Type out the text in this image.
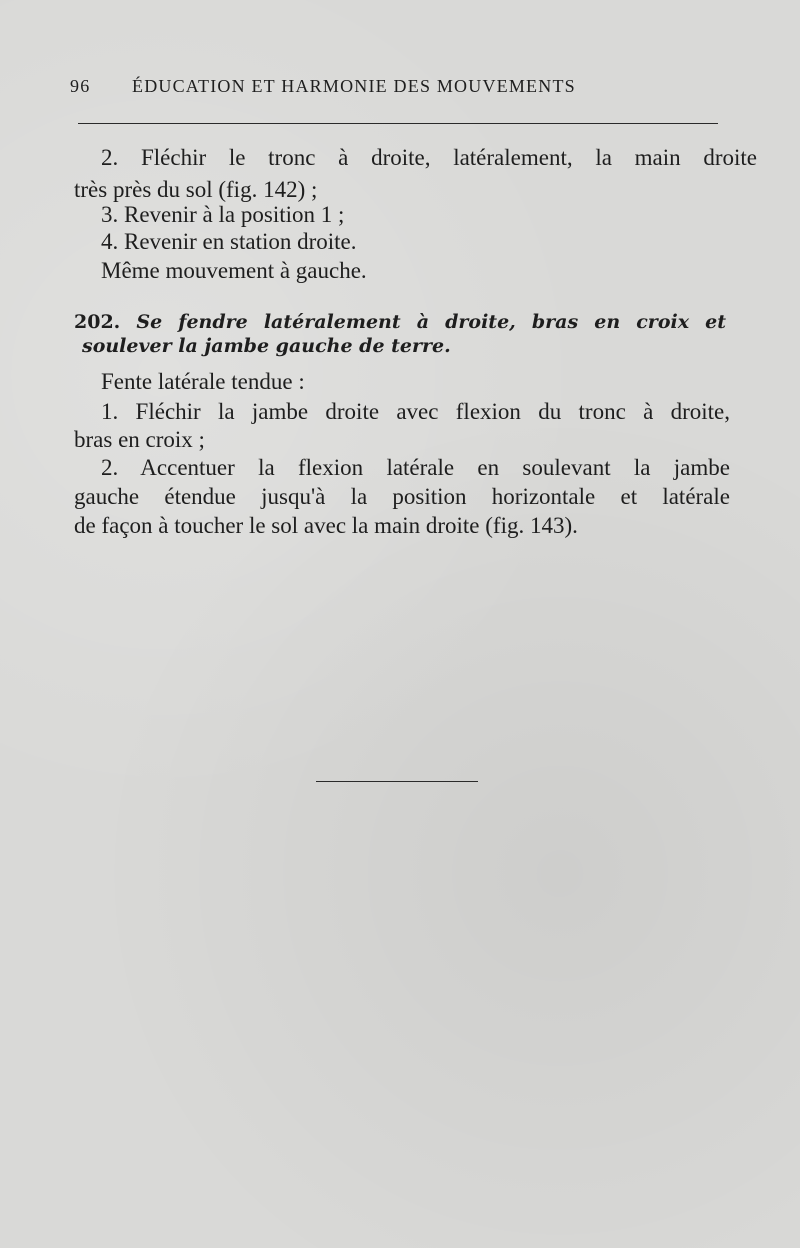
96 ÉDUCATION ET HARMONIE DES MOUVEMENTS
2. Fléchir le tronc à droite, latéralement, la main droite
très près du sol (fig. 142) ;
3. Revenir à la position 1 ;
4. Revenir en station droite.
Même mouvement à gauche.
202. Se fendre latéralement à droite, bras en croix et
soulever la jambe gauche de terre.
Fente latérale tendue :
1. Fléchir la jambe droite avec flexion du tronc à droite,
bras en croix ;
2. Accentuer la flexion latérale en soulevant la jambe
gauche étendue jusqu'à la position horizontale et latérale
de façon à toucher le sol avec la main droite (fig. 143).
